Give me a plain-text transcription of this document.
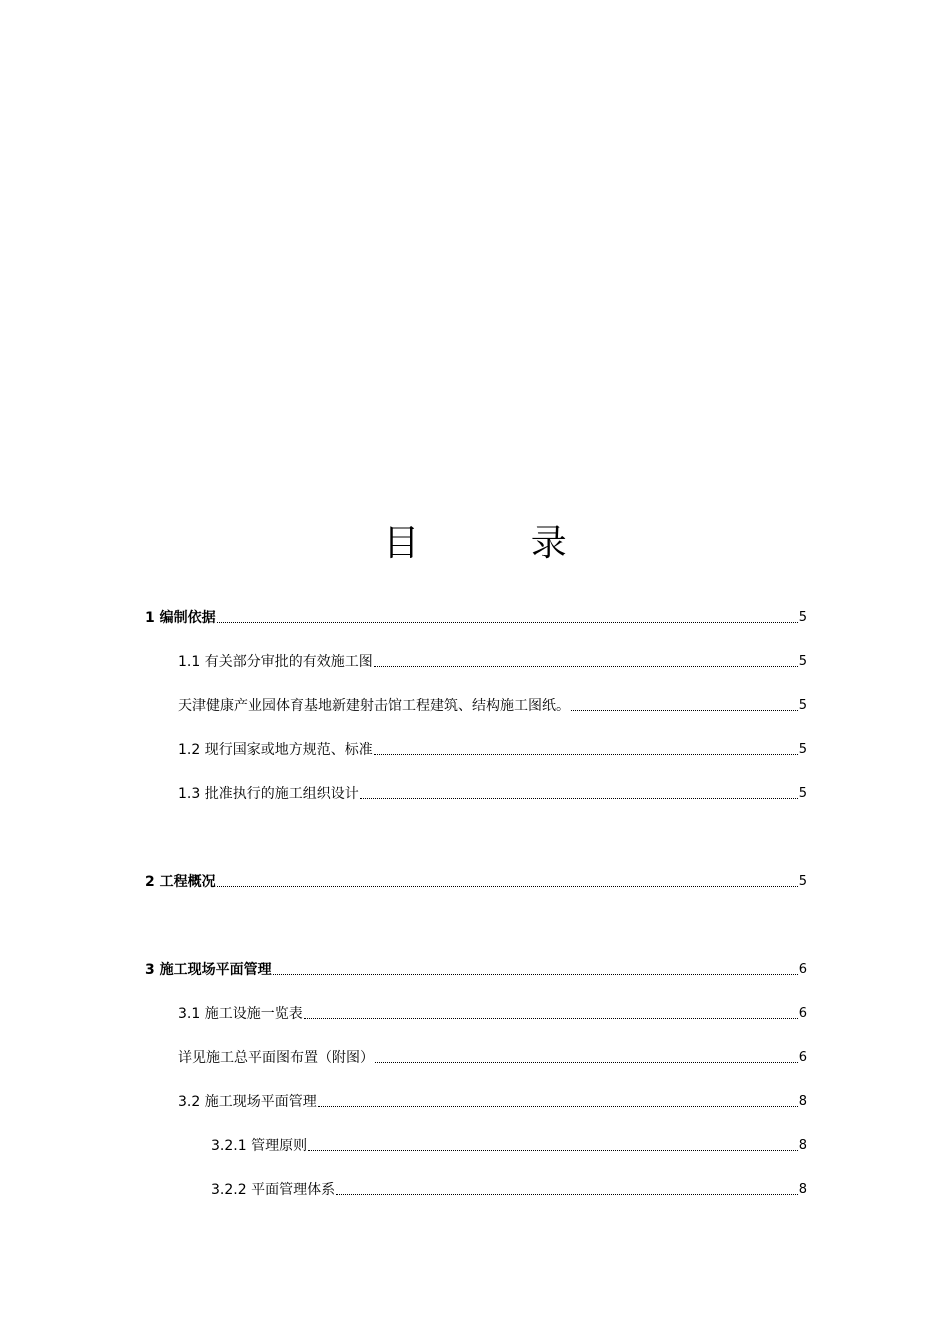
目 录
1 编制依据	5
1.1 有关部分审批的有效施工图	5
天津健康产业园体育基地新建射击馆工程建筑、结构施工图纸。	5
1.2 现行国家或地方规范、标准	5
1.3 批准执行的施工组织设计	5
2 工程概况	5
3 施工现场平面管理	6
3.1 施工设施一览表	6
详见施工总平面图布置（附图）	6
3.2 施工现场平面管理	8
3.2.1 管理原则	8
3.2.2 平面管理体系	8
